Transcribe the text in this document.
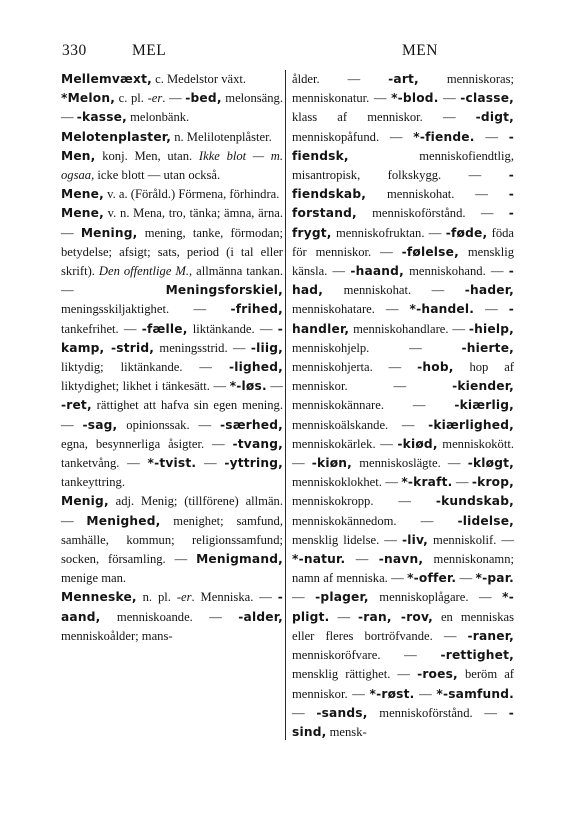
330	MEL	MEN

Mellemvæxt, c. Medelstor växt.

*Melon, c. pl. -er. — -bed, melonsäng. — -kasse, melonbänk.

Melotenplaster, n. Melilotenplåster.

Men, konj. Men, utan. Ikke blot — m. ogsaa, icke blott — utan också.

Mene, v. a. (Föråld.) Förmena, förhindra.

Mene, v. n. Mena, tro, tänka; ämna, ärna. — Mening, mening, tanke, förmodan; betydelse; afsigt; sats, period (i tal eller skrift). Den offentlige M., allmänna tankan. — Meningsforskiel, meningsskiljaktighet. — -frihed, tankefrihet. — -fælle, liktänkande. — -kamp, -strid, meningsstrid. — -liig, liktydig; liktänkande. — -lighed, liktydighet; likhet i tänkesätt. — *-løs. — -ret, rättighet att hafva sin egen mening. — -sag, opinionssak. — -særhed, egna, besynnerliga åsigter. — -tvang, tanketvång. — *-tvist. — -yttring, tankeyttring.

Menig, adj. Menig; (tillförene) allmän. — Menighed, menighet; samfund, samhälle, kommun; religionssamfund; socken, församling. — Menigmand, menige man.

Menneske, n. pl. -er. Menniska. — -aand, menniskoande. — -alder, menniskoålder; mans-

ålder. — -art, menniskoras; menniskonatur. — *-blod. — -classe, klass af menniskor. — -digt, menniskopåfund. — *-fiende. — -fiendsk, menniskofiendtlig, misantropisk, folkskygg. — -fiendskab, menniskohat. — -forstand, menniskoförstånd. — -frygt, menniskofruktan. — -føde, föda för menniskor. — -følelse, mensklig känsla. — -haand, menniskohand. — -had, menniskohat. — -hader, menniskohatare. — *-handel. — -handler, menniskohandlare. — -hielp, menniskohjelp. — -hierte, menniskohjerta. — -hob, hop af menniskor. — -kiender, menniskokännare. — -kiærlig, menniskoälskande. — -kiærlighed, menniskokärlek. — -kiød, menniskokött. — -kiøn, menniskoslägte. — -kløgt, menniskoklokhet. — *-kraft. — -krop, menniskokropp. — -kundskab, menniskokännedom. — -lidelse, mensklig lidelse. — -liv, menniskolif. — *-natur. — -navn, menniskonamn; namn af menniska. — *-offer. — *-par. — -plager, menniskoplågare. — *-pligt. — -ran, -rov, en menniskas eller fleres bortröfvande. — -raner, menniskoröfvare. — -rettighet, mensklig rättighet. — -roes, beröm af menniskor. — *-røst. — *-samfund. — -sands, menniskoförstånd. — -sind, mensk-
